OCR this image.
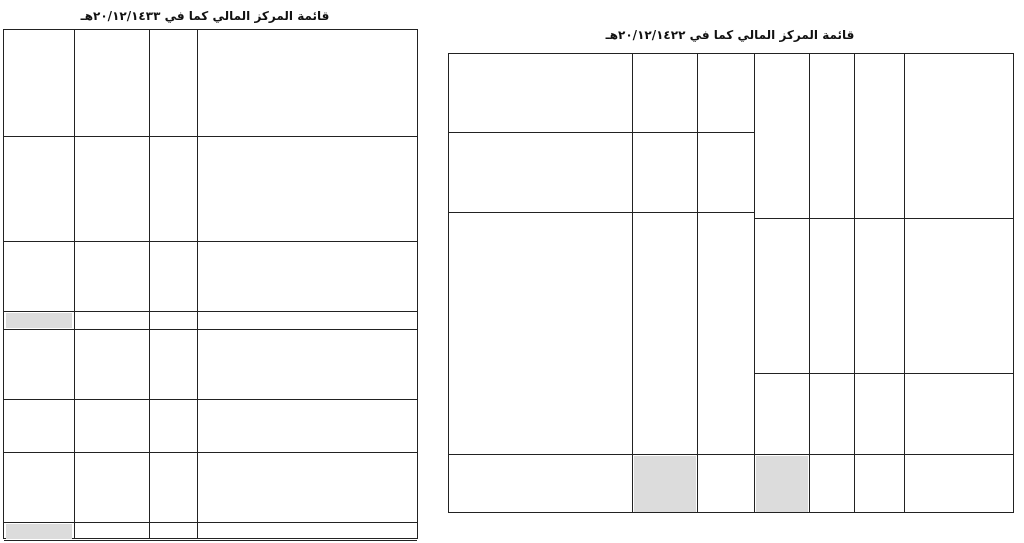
قائمة المركز المالي كما في ٢٠/١٢/١٤٣٣هـ
قائمة المركز المالي كما في ٢٠/١٢/١٤٢٢هـ
